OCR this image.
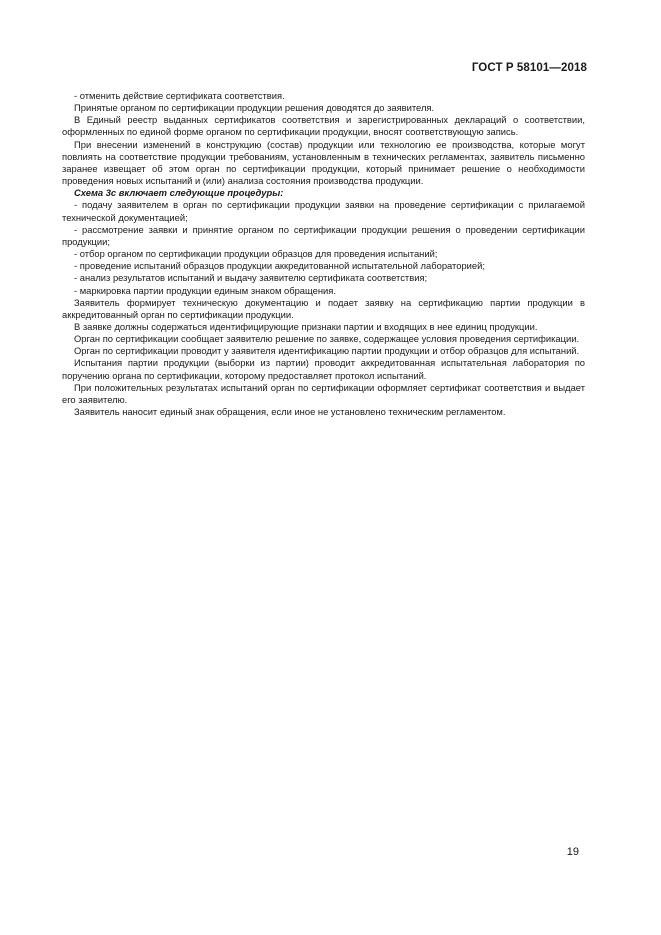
ГОСТ Р 58101—2018

- отменить действие сертификата соответствия.

Принятые органом по сертификации продукции решения доводятся до заявителя.

В Единый реестр выданных сертификатов соответствия и зарегистрированных деклараций о соответствии, оформленных по единой форме органом по сертификации продукции, вносят соответствующую запись.

При внесении изменений в конструкцию (состав) продукции или технологию ее производства, которые могут повлиять на соответствие продукции требованиям, установленным в технических регламентах, заявитель письменно заранее извещает об этом орган по сертификации продукции, который принимает решение о необходимости проведения новых испытаний и (или) анализа состояния производства продукции.

Схема 3с включает следующие процедуры:

- подачу заявителем в орган по сертификации продукции заявки на проведение сертификации с прилагаемой технической документацией;

- рассмотрение заявки и принятие органом по сертификации продукции решения о проведении сертификации продукции;

- отбор органом по сертификации продукции образцов для проведения испытаний;

- проведение испытаний образцов продукции аккредитованной испытательной лабораторией;

- анализ результатов испытаний и выдачу заявителю сертификата соответствия;

- маркировка партии продукции единым знаком обращения.

Заявитель формирует техническую документацию и подает заявку на сертификацию партии продукции в аккредитованный орган по сертификации продукции.

В заявке должны содержаться идентифицирующие признаки партии и входящих в нее единиц продукции.

Орган по сертификации сообщает заявителю решение по заявке, содержащее условия проведения сертификации.

Орган по сертификации проводит у заявителя идентификацию партии продукции и отбор образцов для испытаний.

Испытания партии продукции (выборки из партии) проводит аккредитованная испытательная лаборатория по поручению органа по сертификации, которому предоставляет протокол испытаний.

При положительных результатах испытаний орган по сертификации оформляет сертификат соответствия и выдает его заявителю.

Заявитель наносит единый знак обращения, если иное не установлено техническим регламентом.

19
